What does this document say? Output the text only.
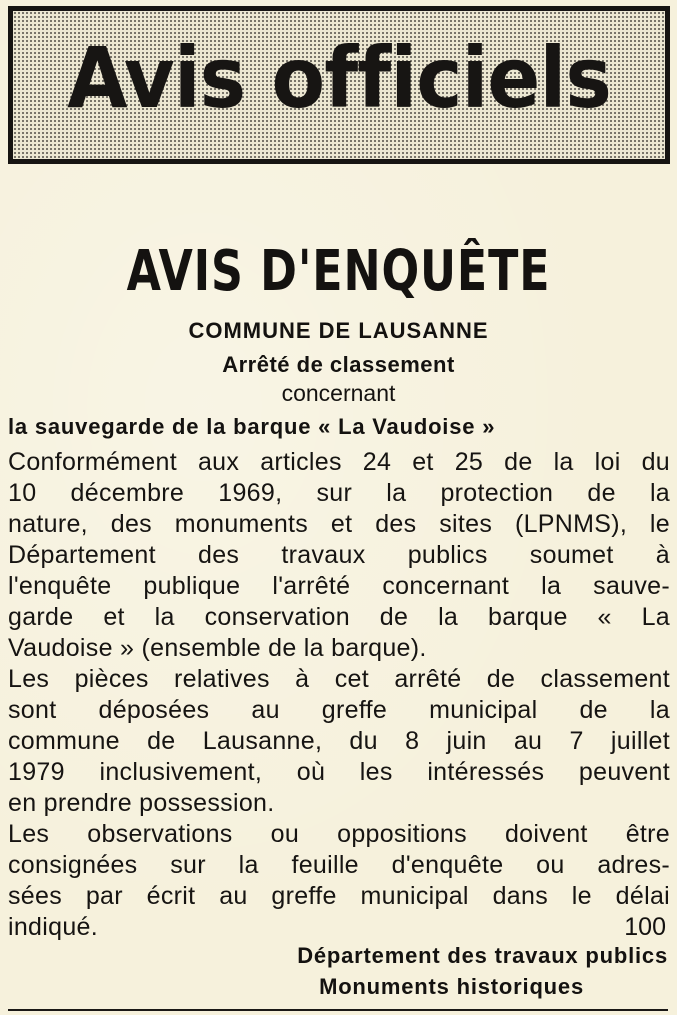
Avis officiels
AVIS D'ENQUÊTE
COMMUNE DE LAUSANNE
Arrêté de classement
concernant
la sauvegarde de la barque « La Vaudoise »
Conformément aux articles 24 et 25 de la loi du
10 décembre 1969, sur la protection de la
nature, des monuments et des sites (LPNMS), le
Département des travaux publics soumet à
l'enquête publique l'arrêté concernant la sauve-
garde et la conservation de la barque « La
Vaudoise » (ensemble de la barque).
Les pièces relatives à cet arrêté de classement
sont déposées au greffe municipal de la
commune de Lausanne, du 8 juin au 7 juillet
1979 inclusivement, où les intéressés peuvent
en prendre possession.
Les observations ou oppositions doivent être
consignées sur la feuille d'enquête ou adres-
sées par écrit au greffe municipal dans le délai
indiqué.	100
Département des travaux publics
Monuments historiques
